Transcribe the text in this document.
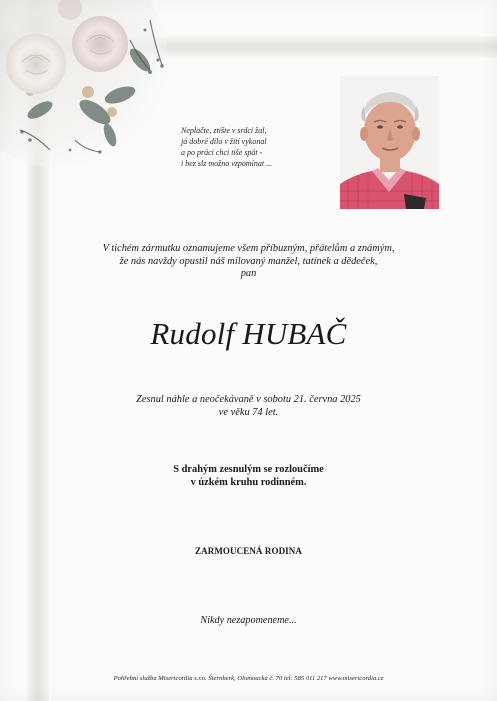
Neplačte, ztište v srdci žal,
já dobré dílo v žití vykonal
a po práci chci tiše spát -
i bez slz možno vzpomínat ...
V tichém zármutku oznamujeme všem příbuzným, přátelům a známým,
že nás navždy opustil náš milovaný manžel, tatínek a dědeček,
pan
Rudolf HUBAČ
Zesnul náhle a neočekávaně v sobotu 21. června 2025
ve věku 74 let.
S drahým zesnulým se rozloučíme
v úzkém kruhu rodinném.
ZARMOUCENÁ RODINA
Nikdy nezapomeneme...
Pohřební služba Misericordia s.r.o. Šternberk, Olomoucká č. 70 tel: 585 011 217 www.misericordia.cz
